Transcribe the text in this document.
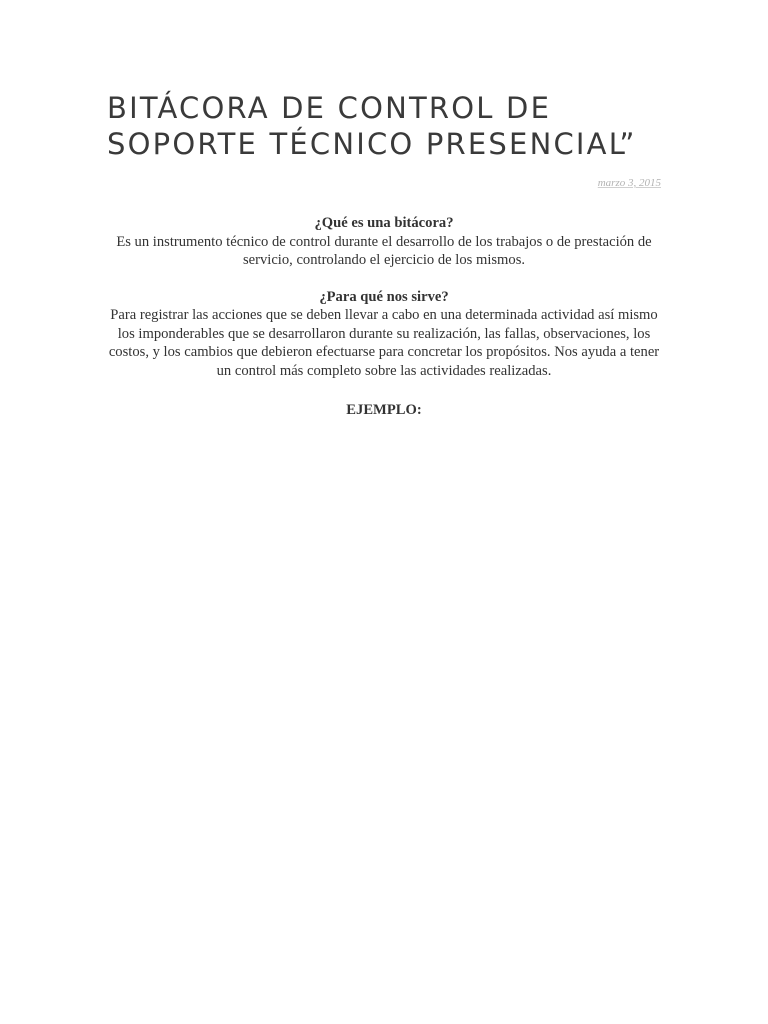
BITÁCORA DE CONTROL DE
SOPORTE TÉCNICO PRESENCIAL”
marzo 3, 2015
¿Qué es una bitácora?

Es un instrumento técnico de control durante el desarrollo de los trabajos o de prestación de servicio, controlando el ejercicio de los mismos.

¿Para qué nos sirve?

Para registrar las acciones que se deben llevar a cabo en una determinada actividad así mismo los imponderables que se desarrollaron durante su realización, las fallas, observaciones, los costos, y los cambios que debieron efectuarse para concretar los propósitos. Nos ayuda a tener un control más completo sobre las actividades realizadas.

EJEMPLO:
